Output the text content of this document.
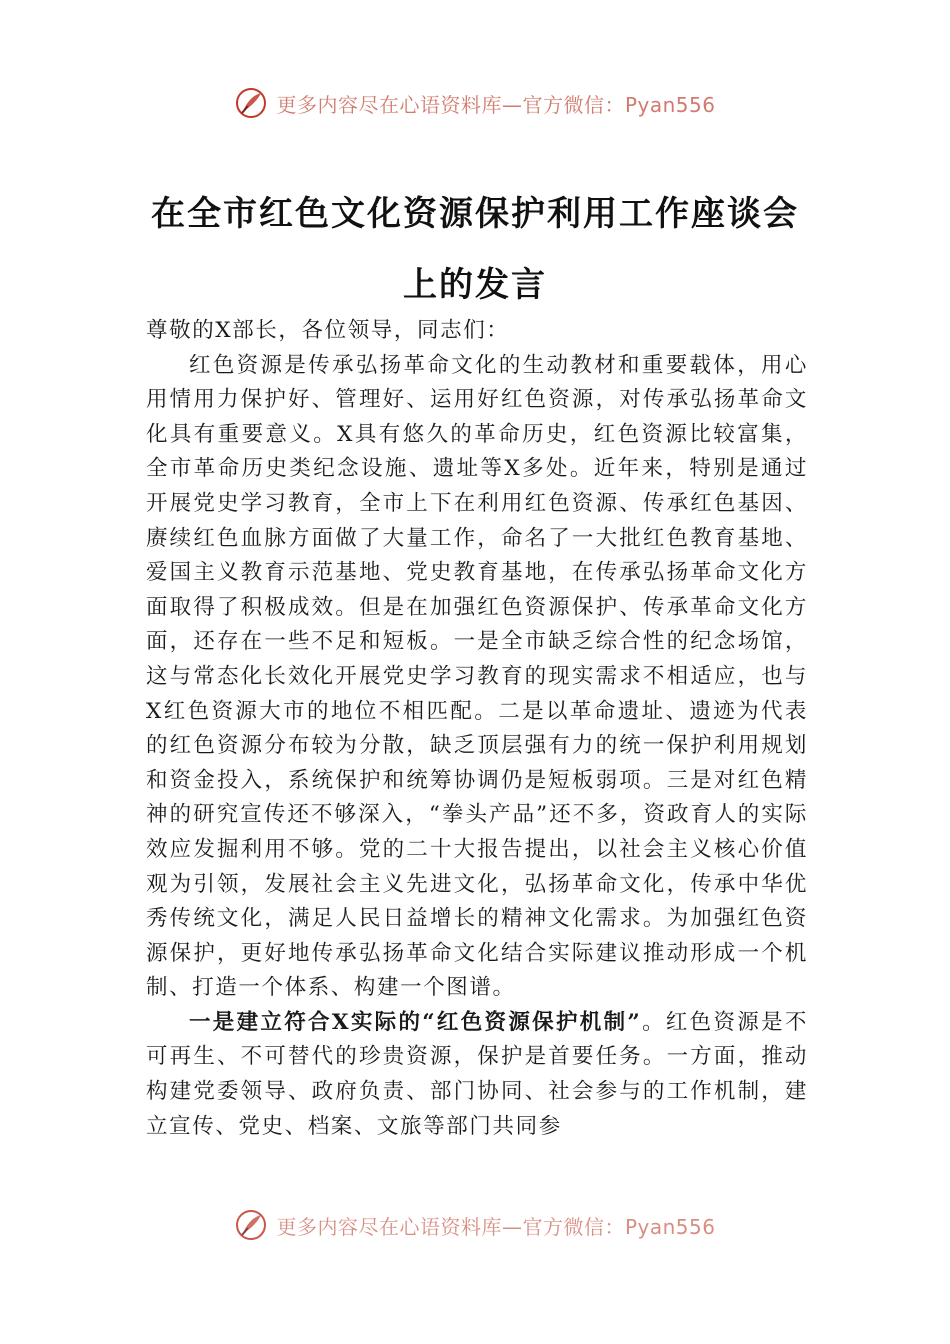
更多内容尽在心语资料库—官方微信：Pyan556
在全市红色文化资源保护利用工作座谈会
上的发言

尊敬的X部长，各位领导，同志们：

红色资源是传承弘扬革命文化的生动教材和重要载体，用心用情用力保护好、管理好、运用好红色资源，对传承弘扬革命文化具有重要意义。X具有悠久的革命历史，红色资源比较富集，全市革命历史类纪念设施、遗址等X多处。近年来，特别是通过开展党史学习教育，全市上下在利用红色资源、传承红色基因、赓续红色血脉方面做了大量工作，命名了一大批红色教育基地、爱国主义教育示范基地、党史教育基地，在传承弘扬革命文化方面取得了积极成效。但是在加强红色资源保护、传承革命文化方面，还存在一些不足和短板。一是全市缺乏综合性的纪念场馆，这与常态化长效化开展党史学习教育的现实需求不相适应，也与X红色资源大市的地位不相匹配。二是以革命遗址、遗迹为代表的红色资源分布较为分散，缺乏顶层强有力的统一保护利用规划和资金投入，系统保护和统筹协调仍是短板弱项。三是对红色精神的研究宣传还不够深入，“拳头产品”还不多，资政育人的实际效应发掘利用不够。党的二十大报告提出，以社会主义核心价值观为引领，发展社会主义先进文化，弘扬革命文化，传承中华优秀传统文化，满足人民日益增长的精神文化需求。为加强红色资源保护，更好地传承弘扬革命文化结合实际建议推动形成一个机制、打造一个体系、构建一个图谱。

一是建立符合X实际的“红色资源保护机制”。红色资源是不可再生、不可替代的珍贵资源，保护是首要任务。一方面，推动构建党委领导、政府负责、部门协同、社会参与的工作机制，建立宣传、党史、档案、文旅等部门共同参

更多内容尽在心语资料库—官方微信：Pyan556
